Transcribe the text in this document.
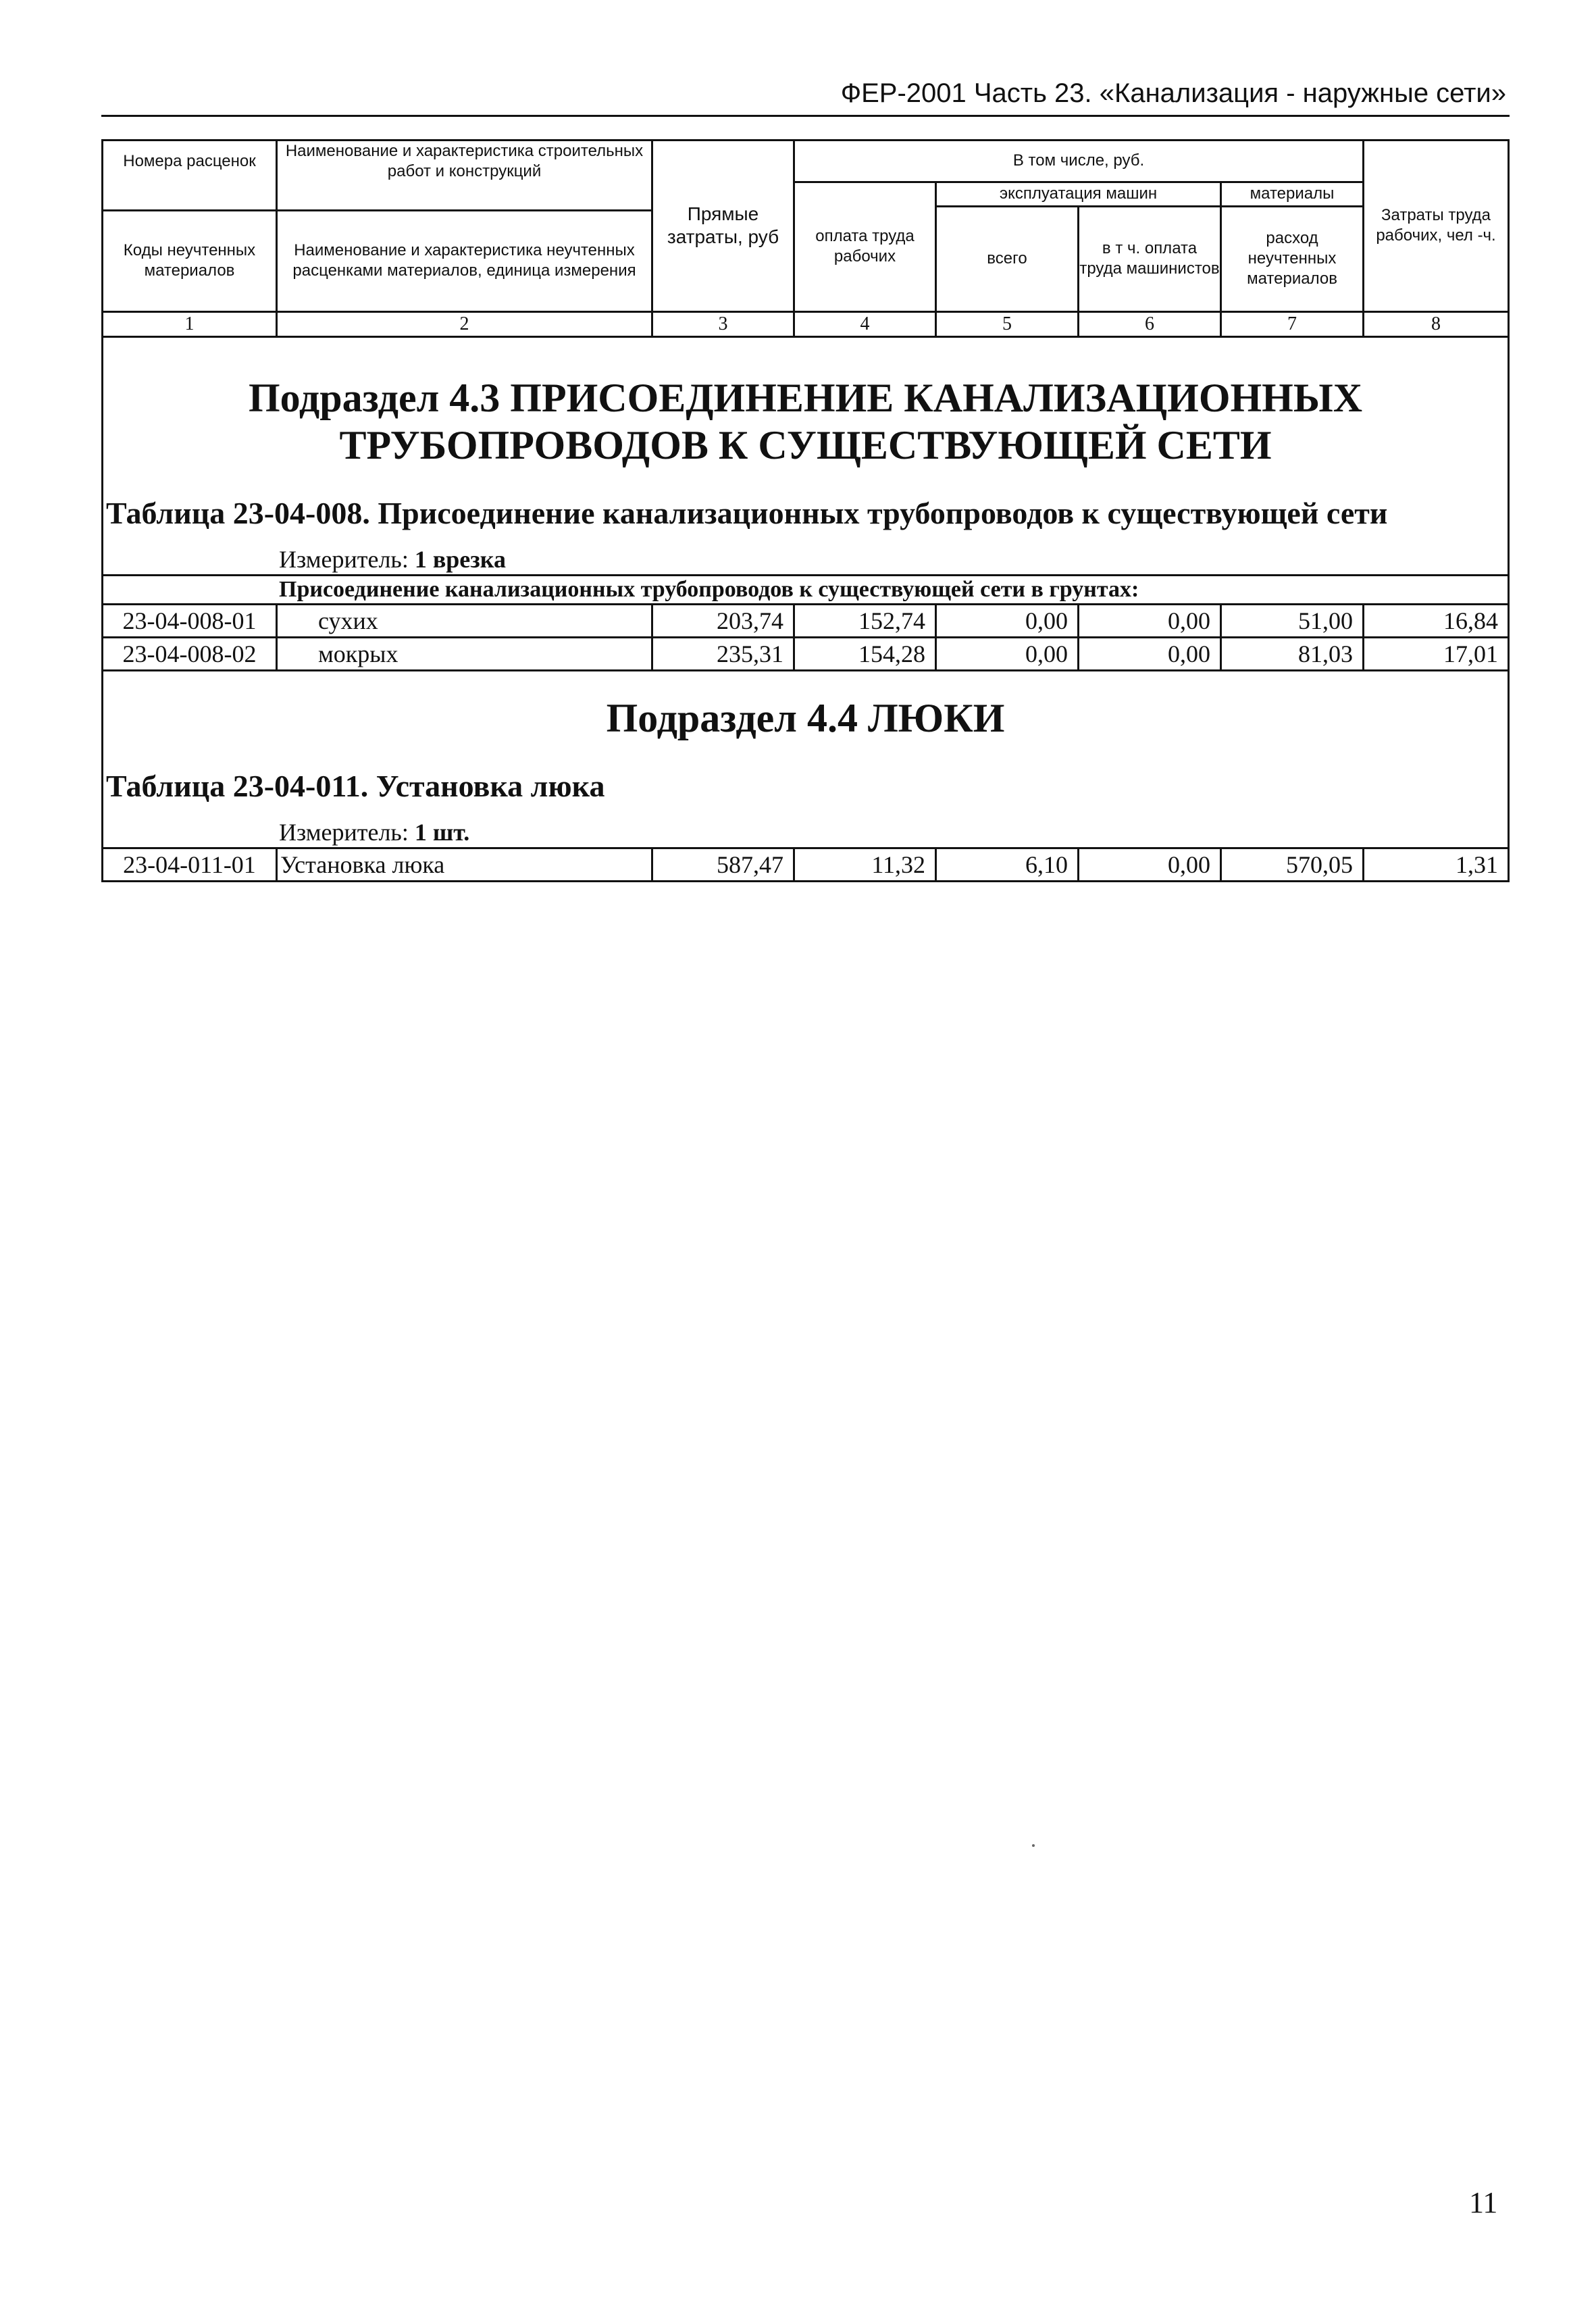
ФЕР-2001 Часть 23. «Канализация - наружные сети»
Номера расценок	Наименование и характеристика строительных работ и конструкций	Прямые затраты, руб	В том числе, руб.				Затраты труда рабочих, чел -ч.
			оплата труда рабочих	эксплуатация машин		материалы	
				всего	в т ч. оплата труда машинистов	расход неучтенных материалов	
Коды неучтенных материалов	Наименование и характеристика неучтенных расценками материалов, единица измерения						
1	2	3	4	5	6	7	8

Подраздел 4.3 ПРИСОЕДИНЕНИЕ КАНАЛИЗАЦИОННЫХ
ТРУБОПРОВОДОВ К СУЩЕСТВУЮЩЕЙ СЕТИ							

Таблица 23-04-008. Присоединение канализационных трубопроводов к существующей сети							
Измеритель: 1 врезка							
Присоединение канализационных трубопроводов к существующей сети в грунтах:							
23-04-008-01	сухих	203,74	152,74	0,00	0,00	51,00	16,84
23-04-008-02	мокрых	235,31	154,28	0,00	0,00	81,03	17,01
Подраздел 4.4 ЛЮКИ							
Таблица 23-04-011. Установка люка							
Измеритель: 1 шт.							
23-04-011-01	Установка люка	587,47	11,32	6,10	0,00	570,05	1,31
11
